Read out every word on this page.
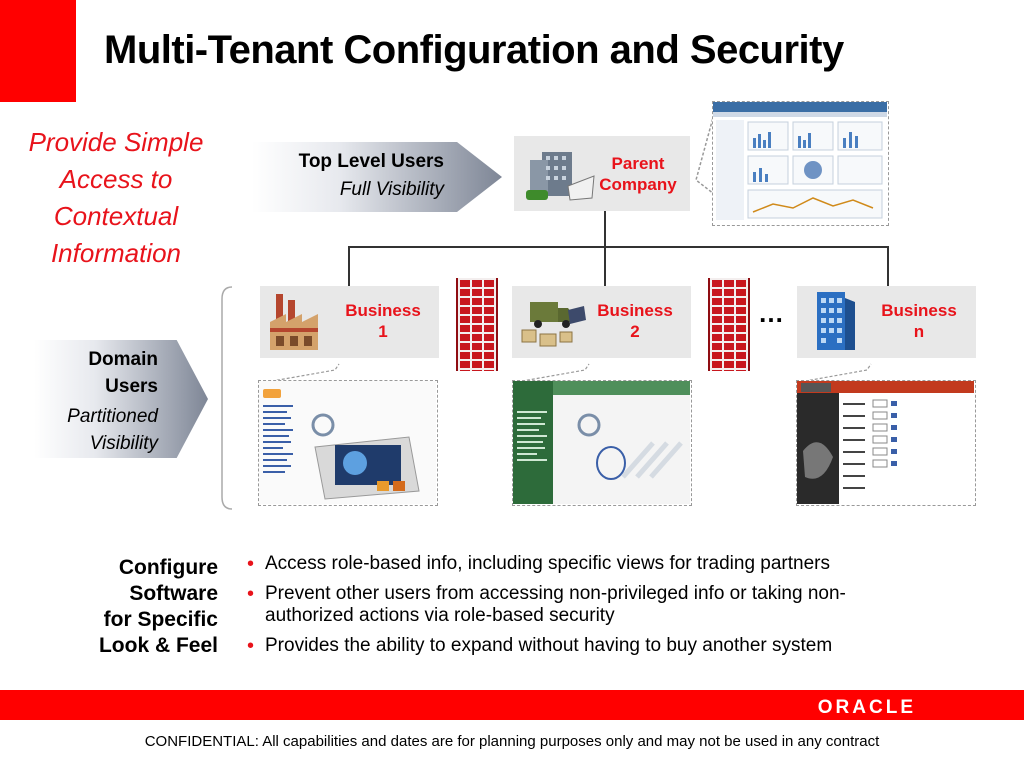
Multi-Tenant Configuration and Security
Provide Simple
Access to
Contextual
Information
Top Level Users
Full Visibility
Parent
Company
Domain
Users
Partitioned
Visibility
Business
1
Business
2
…	Business
n
Configure
Software
for Specific
Look & Feel
• Access role-based info, including specific views for trading partners
• Prevent other users from accessing non-privileged info or taking non-authorized actions via role-based security
• Provides the ability to expand without having to buy another system
ORACLE
CONFIDENTIAL: All capabilities and dates are for planning purposes only and may not be used in any contract
